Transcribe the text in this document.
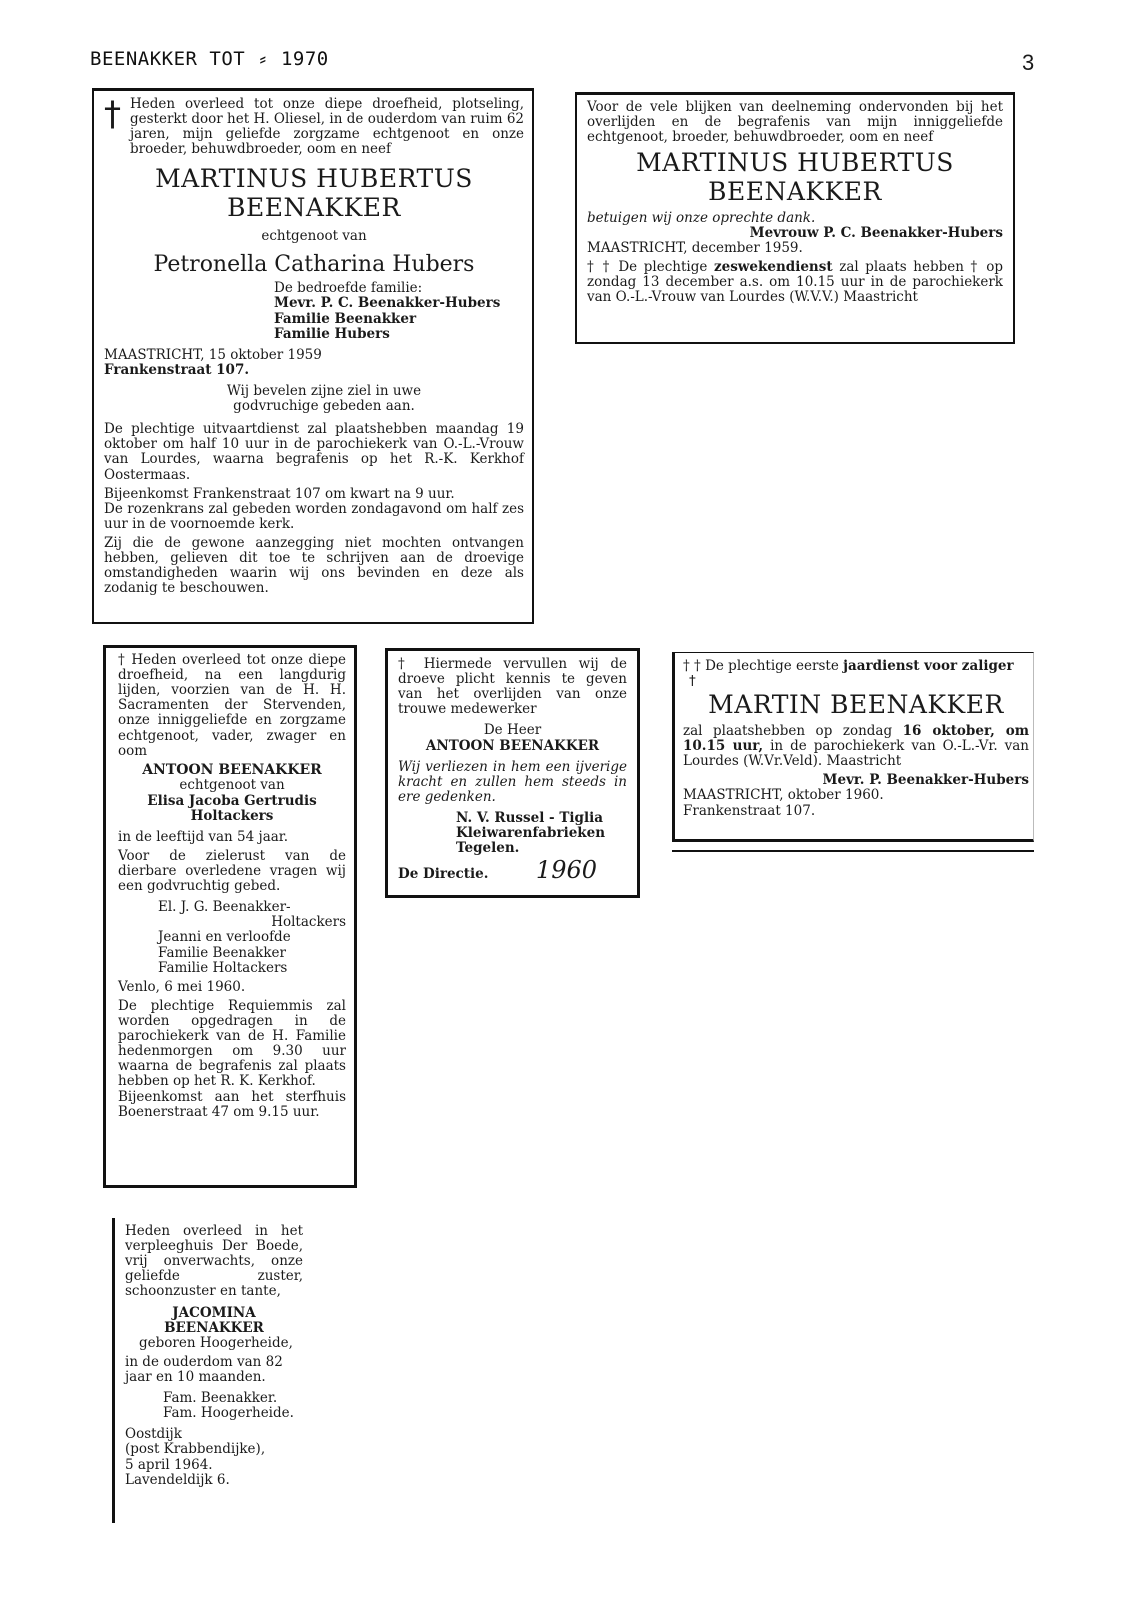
BEENAKKER TOT ⸗ 1970	3
† Heden overleed tot onze diepe droefheid, plotseling, gesterkt door het H. Oliesel, in de ouderdom van ruim 62 jaren, mijn geliefde zorgzame echtgenoot en onze broeder, behuwdbroeder, oom en neef

MARTINUS HUBERTUS
BEENAKKER

echtgenoot van

Petronella Catharina Hubers

De bedroefde familie:

Mevr. P. C. Beenakker-Hubers

Familie Beenakker

Familie Hubers

MAASTRICHT, 15 oktober 1959

Frankenstraat 107.

Wij bevelen zijne ziel in uwe godvruchige gebeden aan.

De plechtige uitvaartdienst zal plaatshebben maandag 19 oktober om half 10 uur in de parochiekerk van O.-L.-Vrouw van Lourdes, waarna begrafenis op het R.-K. Kerkhof Oostermaas.

Bijeenkomst Frankenstraat 107 om kwart na 9 uur.

De rozenkrans zal gebeden worden zondagavond om half zes uur in de voornoemde kerk.

Zij die de gewone aanzegging niet mochten ontvangen hebben, gelieven dit toe te schrijven aan de droevige omstandigheden waarin wij ons bevinden en deze als zodanig te beschouwen.

Voor de vele blijken van deelneming ondervonden bij het overlijden en de begrafenis van mijn inniggeliefde echtgenoot, broeder, behuwdbroeder, oom en neef

MARTINUS HUBERTUS
BEENAKKER

betuigen wij onze oprechte dank.

Mevrouw P. C. Beenakker-Hubers

MAASTRICHT, december 1959.

† † De plechtige zeswekendienst zal plaats hebben † op zondag 13 december a.s. om 10.15 uur in de parochiekerk van O.-L.-Vrouw van Lourdes (W.V.V.) Maastricht

† Heden overleed tot onze diepe droefheid, na een langdurig lijden, voorzien van de H. H. Sacramenten der Stervenden, onze inniggeliefde en zorgzame echtgenoot, vader, zwager en oom

ANTOON BEENAKKER

echtgenoot van

Elisa Jacoba Gertrudis

Holtackers

in de leeftijd van 54 jaar.

Voor de zielerust van de dierbare overledene vragen wij een godvruchtig gebed.

El. J. G. Beenakker-

Holtackers

Jeanni en verloofde

Familie Beenakker

Familie Holtackers

Venlo, 6 mei 1960.

De plechtige Requiemmis zal worden opgedragen in de parochiekerk van de H. Familie hedenmorgen om 9.30 uur waarna de begrafenis zal plaats hebben op het R. K. Kerkhof.

Bijeenkomst aan het sterfhuis Boenerstraat 47 om 9.15 uur.

† Hiermede vervullen wij de droeve plicht kennis te geven van het overlijden van onze trouwe medewerker

De Heer

ANTOON BEENAKKER

Wij verliezen in hem een ijverige kracht en zullen hem steeds in ere gedenken.

N. V. Russel - Tiglia

Kleiwarenfabrieken

Tegelen.

De Directie. 1960

† † De plechtige eerste jaardienst voor zaliger

†

MARTIN BEENAKKER

zal plaatshebben op zondag 16 oktober, om 10.15 uur, in de parochiekerk van O.-L.-Vr. van Lourdes (W.Vr.Veld). Maastricht

Mevr. P. Beenakker-Hubers

MAASTRICHT, oktober 1960.

Frankenstraat 107.

Heden overleed in het verpleeghuis Der Boede, vrij onverwachts, onze geliefde zuster, schoonzuster en tante,

JACOMINA

BEENAKKER

geboren Hoogerheide,

in de ouderdom van 82 jaar en 10 maanden.

Fam. Beenakker.

Fam. Hoogerheide.

Oostdijk

(post Krabbendijke),

5 april 1964.

Lavendeldijk 6.
